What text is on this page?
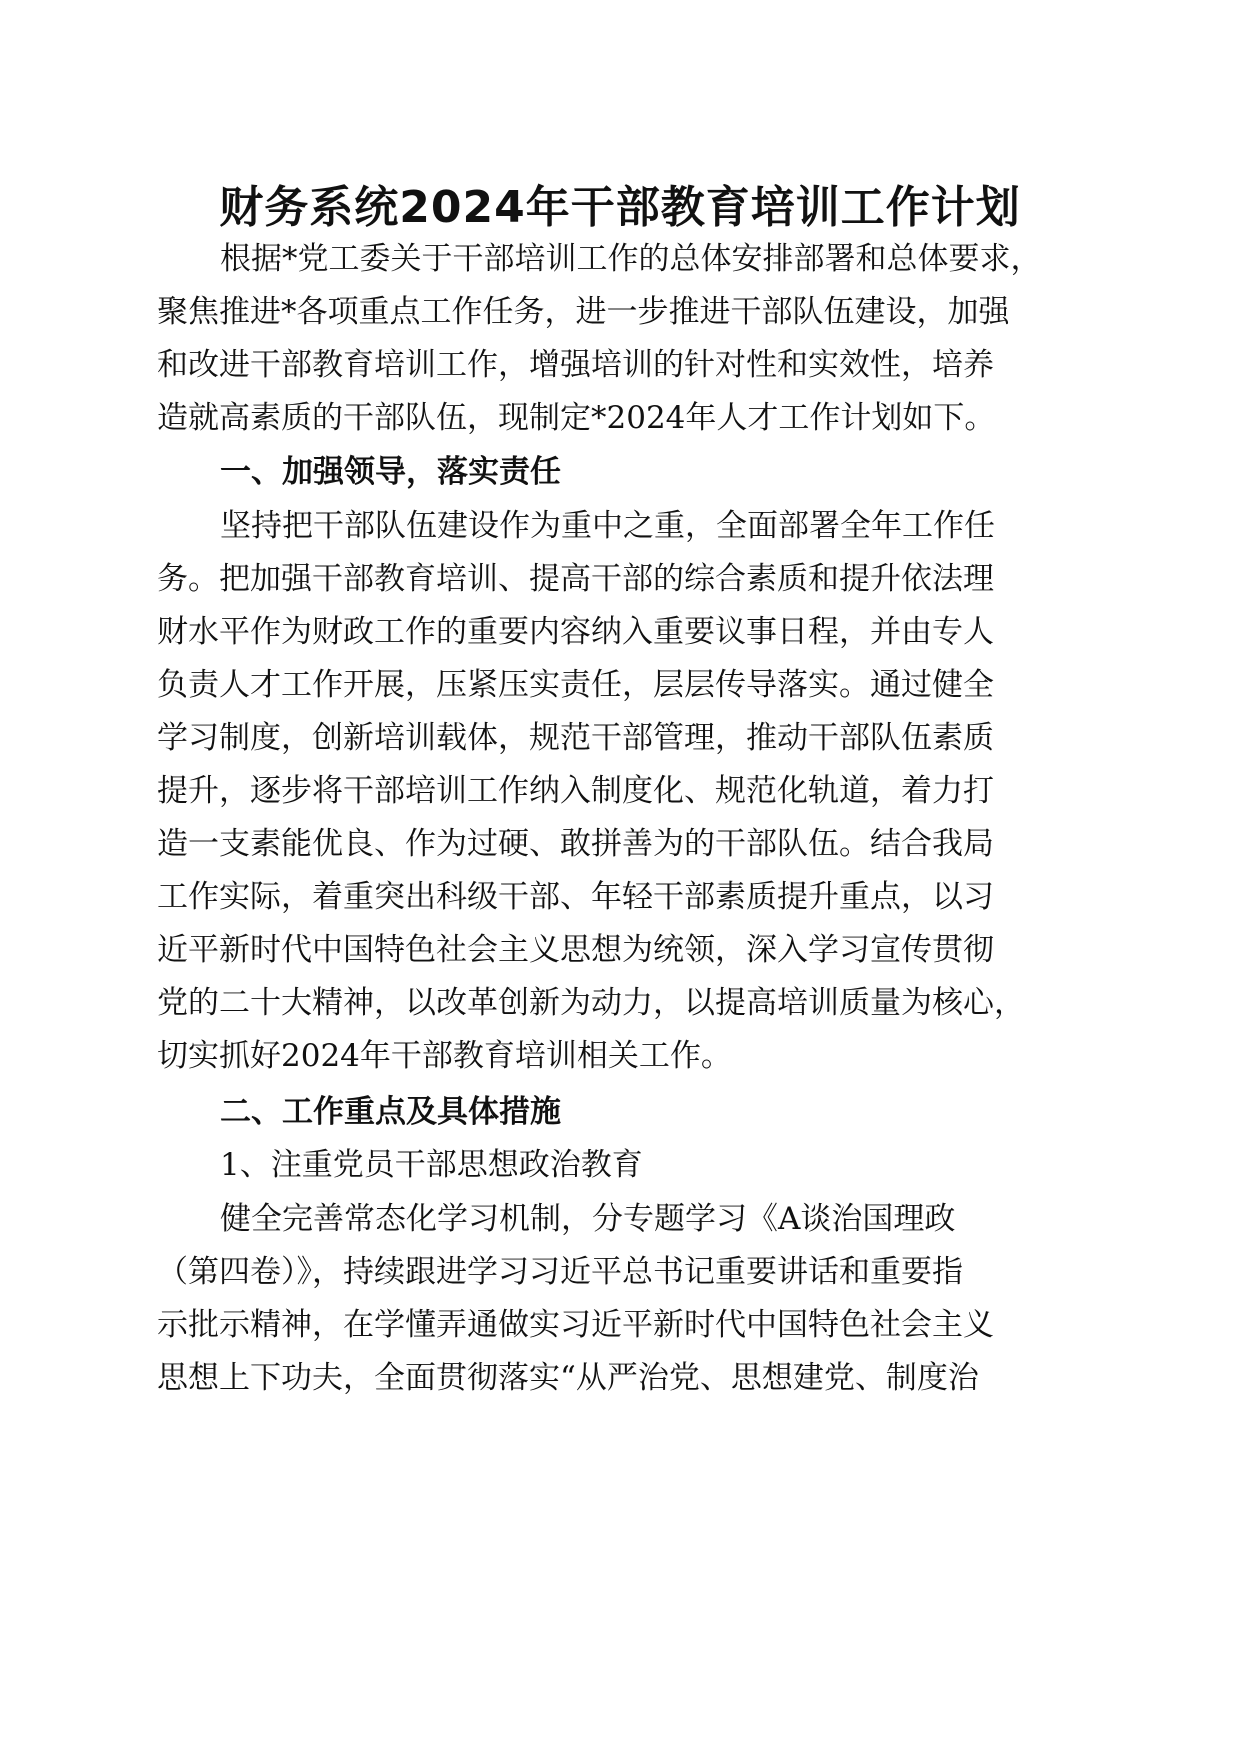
财务系统2024年干部教育培训工作计划
根据*党工委关于干部培训工作的总体安排部署和总体要求，
聚焦推进*各项重点工作任务，进一步推进干部队伍建设，加强
和改进干部教育培训工作，增强培训的针对性和实效性，培养
造就高素质的干部队伍，现制定*2024年人才工作计划如下。
一、加强领导，落实责任
坚持把干部队伍建设作为重中之重，全面部署全年工作任
务。把加强干部教育培训、提高干部的综合素质和提升依法理
财水平作为财政工作的重要内容纳入重要议事日程，并由专人
负责人才工作开展，压紧压实责任，层层传导落实。通过健全
学习制度，创新培训载体，规范干部管理，推动干部队伍素质
提升，逐步将干部培训工作纳入制度化、规范化轨道，着力打
造一支素能优良、作为过硬、敢拼善为的干部队伍。结合我局
工作实际，着重突出科级干部、年轻干部素质提升重点，以习
近平新时代中国特色社会主义思想为统领，深入学习宣传贯彻
党的二十大精神，以改革创新为动力，以提高培训质量为核心，
切实抓好2024年干部教育培训相关工作。
二、工作重点及具体措施
1、注重党员干部思想政治教育
健全完善常态化学习机制，分专题学习《A谈治国理政
（第四卷）》，持续跟进学习习近平总书记重要讲话和重要指
示批示精神，在学懂弄通做实习近平新时代中国特色社会主义
思想上下功夫，全面贯彻落实“从严治党、思想建党、制度治
